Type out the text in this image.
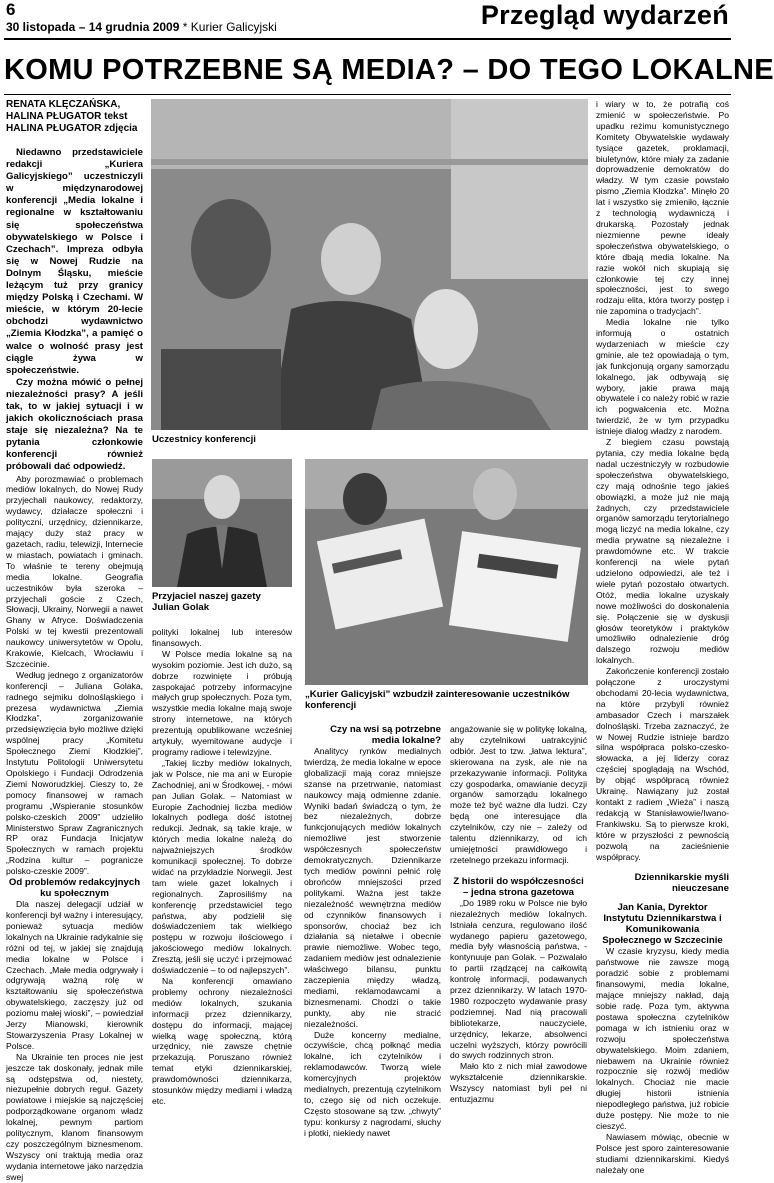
6
30 listopada – 14 grudnia 2009 * Kurier Galicyjski	Przegląd wydarzeń
KOMU POTRZEBNE SĄ MEDIA? – DO TEGO LOKALNE
RENATA KLĘCZAŃSKA,
HALINA PŁUGATOR tekst
HALINA PŁUGATOR zdjęcia

Niedawno przedstawiciele redakcji „Kuriera Galicyjskiego” uczestniczyli w międzynarodowej konferencji „Media lokalne i regionalne w kształtowaniu się społeczeństwa obywatelskiego w Polsce i Czechach”. Impreza odbyła się w Nowej Rudzie na Dolnym Śląsku, mieście leżącym tuż przy granicy między Polską i Czechami. W mieście, w którym 20-lecie obchodzi wydawnictwo „Ziemia Kłodzka”, a pamięć o walce o wolność prasy jest ciągle żywa w społeczeństwie.

Czy można mówić o pełnej niezależności prasy? A jeśli tak, to w jakiej sytuacji i w jakich okolicznościach prasa staje się niezależna? Na te pytania członkowie konferencji również próbowali dać odpowiedź.

Aby porozmawiać o problemach mediów lokalnych, do Nowej Rudy przyjechali naukowcy, redaktorzy, wydawcy, działacze społeczni i polityczni, urzędnicy, dziennikarze, mający duży staż pracy w gazetach, radiu, telewizji, Internecie w miastach, powiatach i gminach. To właśnie te tereny obejmują media lokalne. Geografia uczestników była szeroka – przyjechali goście z Czech, Słowacji, Ukrainy, Norwegii a nawet Ghany w Afryce. Doświadczenia Polski w tej kwestii prezentowali naukowcy uniwersytetów w Opolu, Krakowie, Kielcach, Wrocławiu i Szczecinie.

Według jednego z organizatorów konferencji – Juliana Golaka, radnego sejmiku dolnośląskiego i prezesa wydawnictwa „Ziemia Kłodzka”, zorganizowanie przedsięwzięcia było możliwe dzięki wspólnej pracy „Komitetu Społecznego Ziemi Kłodzkiej”, Instytutu Politologii Uniwersytetu Opolskiego i Fundacji Odrodzenia Ziemi Noworudzkiej. Cieszy to, że pomocy finansowej w ramach programu „Wspieranie stosunków polsko-czeskich 2009” udzieliło Ministerstwo Spraw Zagranicznych RP oraz Fundacja Inicjatyw Społecznych w ramach projektu „Rodzina kultur – pogranicze polsko-czeskie 2009”.

Od problemów redakcyjnych ku społecznym

Dla naszej delegacji udział w konferencji był ważny i interesujący, ponieważ sytuacja mediów lokalnych na Ukrainie radykalnie się różni od tej, w jakiej się znajdują media lokalne w Polsce i Czechach. „Małe media odgrywały i odgrywają ważną rolę w kształtowaniu się społeczeństwa obywatelskiego, zaczęszy już od poziomu małej wioski”, – powiedział Jerzy Mianowski, kierownik Stowarzyszenia Prasy Lokalnej w Polsce.

Na Ukrainie ten proces nie jest jeszcze tak doskonały, jednak mile są odstępstwa od, niestety, niezupełnie dobrych reguł. Gazety powiatowe i miejskie są najczęściej podporządkowane organom władz lokalnej, pewnym partiom politycznym, klanom finansowym czy poszczególnym biznesmenom. Wszyscy oni traktują media oraz wydania internetowe jako narzędzia swej

Uczestnicy konferencji

i wiary w to, że potrafią coś zmienić w społeczeństwie. Po upadku reżimu komunistycznego Komitety Obywatelskie wydawały tysiące gazetek, proklamacji, biuletynów, które miały za zadanie doprowadzenie demokratów do władzy. W tym czasie powstało pismo „Ziemia Kłodzka”. Minęło 20 lat i wszystko się zmieniło, łącznie z technologią wydawniczą i drukarską. Pozostały jednak niezmienne pewne ideały społeczeństwa obywatelskiego, o które dbają media lokalne. Na razie wokół nich skupiają się członkowie tej czy innej społeczności, jest to swego rodzaju elita, która tworzy postęp i nie zapomina o tradycjach”.

Media lokalne nie tylko informują o ostatnich wydarzeniach w mieście czy gminie, ale też opowiadają o tym, jak funkcjonują organy samorządu lokalnego, jak odbywają się wybory, jakie prawa mają obywatele i co należy robić w razie ich pogwałcenia etc. Można twierdzić, że w tym przypadku istnieje dialog władzy z narodem.

Z biegiem czasu powstają pytania, czy media lokalne będą nadal uczestniczyły w rozbudowie społeczeństwa obywatelskiego, czy mają odnośnie tego jakieś obowiązki, a może już nie mają żadnych, czy przedstawiciele organów samorządu terytorialnego mogą liczyć na media lokalne, czy media prywatne są niezależne i prawdomówne etc. W trakcie konferencji na wiele pytań udzielono odpowiedzi, ale też i wiele pytań pozostało otwartych. Otóż, media lokalne uzyskały nowe możliwości do doskonalenia się. Połączenie się w dyskusji głosów teoretyków i praktyków umożliwiło odnalezienie dróg dalszego rozwoju mediów lokalnych.

Zakończenie konferencji zostało połączone z uroczystymi obchodami 20-lecia wydawnictwa, na które przybyli również ambasador Czech i marszałek dolnośląski. Trzeba zaznaczyć, że w Nowej Rudzie istnieje bardzo silna współpraca polsko-czesko-słowacka, a jej liderzy coraz częściej spoglądają na Wschód, by objąć współpracą również Ukrainę. Nawiązany już został kontakt z radiem „Wieża” i naszą redakcją w Stanisławowie/Iwano-Frankiwsku. Są to pierwsze kroki, które w przyszłości z pewnością pozwolą na zacieśnienie współpracy.

Dziennikarskie myśli nieuczesane

Jan Kania, Dyrektor Instytutu Dziennikarstwa i Komunikowania Społecznego w Szczecinie

W czasie kryzysu, kiedy media państwowe nie zawsze mogą poradzić sobie z problemami finansowymi, media lokalne, mające mniejszy nakład, dają sobie radę. Poza tym, aktywna postawa społeczna czytelników pomaga w ich istnieniu oraz w rozwoju społeczeństwa obywatelskiego. Moim zdaniem, niebawem na Ukrainie również rozpocznie się rozwój mediów lokalnych. Chociaż nie macie długiej historii istnienia niepodległego państwa, już robicie duże postępy. Nie może to nie cieszyć.

Nawiasem mówiąc, obecnie w Polsce jest sporo zainteresowanie studiami dziennikarskimi. Kiedyś należały one

Przyjaciel naszej gazety
Julian Golak
„Kurier Galicyjski” wzbudził zainteresowanie uczestników konferencji

polityki lokalnej lub interesów finansowych.

W Polsce media lokalne są na wysokim poziomie. Jest ich dużo, są dobrze rozwinięte i próbują zaspokajać potrzeby informacyjne małych grup społecznych. Poza tym, wszystkie media lokalne mają swoje strony internetowe, na których prezentują opublikowane wcześniej artykuły, wyemitowane audycje i programy radiowe i telewizyjne.

„Takiej liczby mediów lokalnych, jak w Polsce, nie ma ani w Europie Zachodniej, ani w Środkowej, - mówi pan Julian Golak. – Natomiast w Europie Zachodniej liczba mediów lokalnych podlega dość istotnej redukcji. Jednak, są takie kraje, w których media lokalne należą do najważniejszych środków komunikacji społecznej. To dobrze widać na przykładzie Norwegii. Jest tam wiele gazet lokalnych i regionalnych. Zaprosiliśmy na konferencję przedstawiciel tego państwa, aby podzielił się doświadczeniem tak wielkiego postępu w rozwoju ilościowego i jakościowego mediów lokalnych. Zresztą, jeśli się uczyć i przejmować doświadczenie – to od najlepszych”.

Na konferencji omawiano problemy ochrony niezależności mediów lokalnych, szukania informacji przez dziennikarzy, dostępu do informacji, mającej wielką wagę społeczną, którą urzędnicy, nie zawsze chętnie przekazują. Poruszano również temat etyki dziennikarskiej, prawdomówności dziennikarza, stosunków między mediami i władzą etc.

Czy na wsi są potrzebne media lokalne?

Analitycy rynków medialnych twierdzą, że media lokalne w epoce globalizacji mają coraz mniejsze szanse na przetrwanie, natomiast naukowcy mają odmienne zdanie. Wyniki badań świadczą o tym, że bez niezależnych, dobrze funkcjonujących mediów lokalnych niemożliwe jest stworzenie współczesnych społeczeństw demokratycznych. Dziennikarze tych mediów powinni pełnić rolę obrońców mniejszości przed politykami. Ważna jest także niezależność wewnętrzna mediów od czynników finansowych i sponsorów, chociaż bez ich działania są nietałwe i obecnie prawie niemożliwe. Wobec tego, zadaniem mediów jest odnalezienie właściwego bilansu, punktu zaczepienia między władzą, mediami, reklamodawcami a biznesmenami. Chodzi o takie punkty, aby nie stracić niezależności.

Duże koncerny medialne, oczywiście, chcą połknąć media lokalne, ich czytelników i reklamodawców. Tworzą wiele komercyjnych projektów medialnych, prezentują czytelnikom to, czego się od nich oczekuje. Często stosowane są tzw. „chwyty” typu: konkursy z nagrodami, słuchy i plotki, niekiedy nawet

angażowanie się w politykę lokalną, aby czytelnikowi uatrakcyjnić odbiór. Jest to tzw. „łatwa lektura”, skierowana na zysk, ale nie na przekazywanie informacji. Polityka czy gospodarka, omawianie decyzji organów samorządu lokalnego może też być ważne dla ludzi. Czy będą one interesujące dla czytelników, czy nie – zależy od talentu dziennikarzy, od ich umiejętności prawidłowego i rzetelnego przekazu informacji.

Z historii do współczesności – jedna strona gazetowa

„Do 1989 roku w Polsce nie było niezależnych mediów lokalnych. Istniała cenzura, regulowano ilość wydanego papieru gazetowego, media były własnością państwa, - kontynuuje pan Golak. – Pozwalało to partii rządzącej na całkowitą kontrolę informacji, podawanych przez dziennikarzy. W latach 1970-1980 rozpoczęto wydawanie prasy podziemnej. Nad nią pracowali bibliotekarze, nauczyciele, urzędnicy, lekarze, absolwenci uczelni wyższych, którzy powrócili do swych rodzinnych stron.

Mało kto z nich miał zawodowe wykształcenie dziennikarskie. Wszyscy natomiast byli peł ni entuzjazmu
